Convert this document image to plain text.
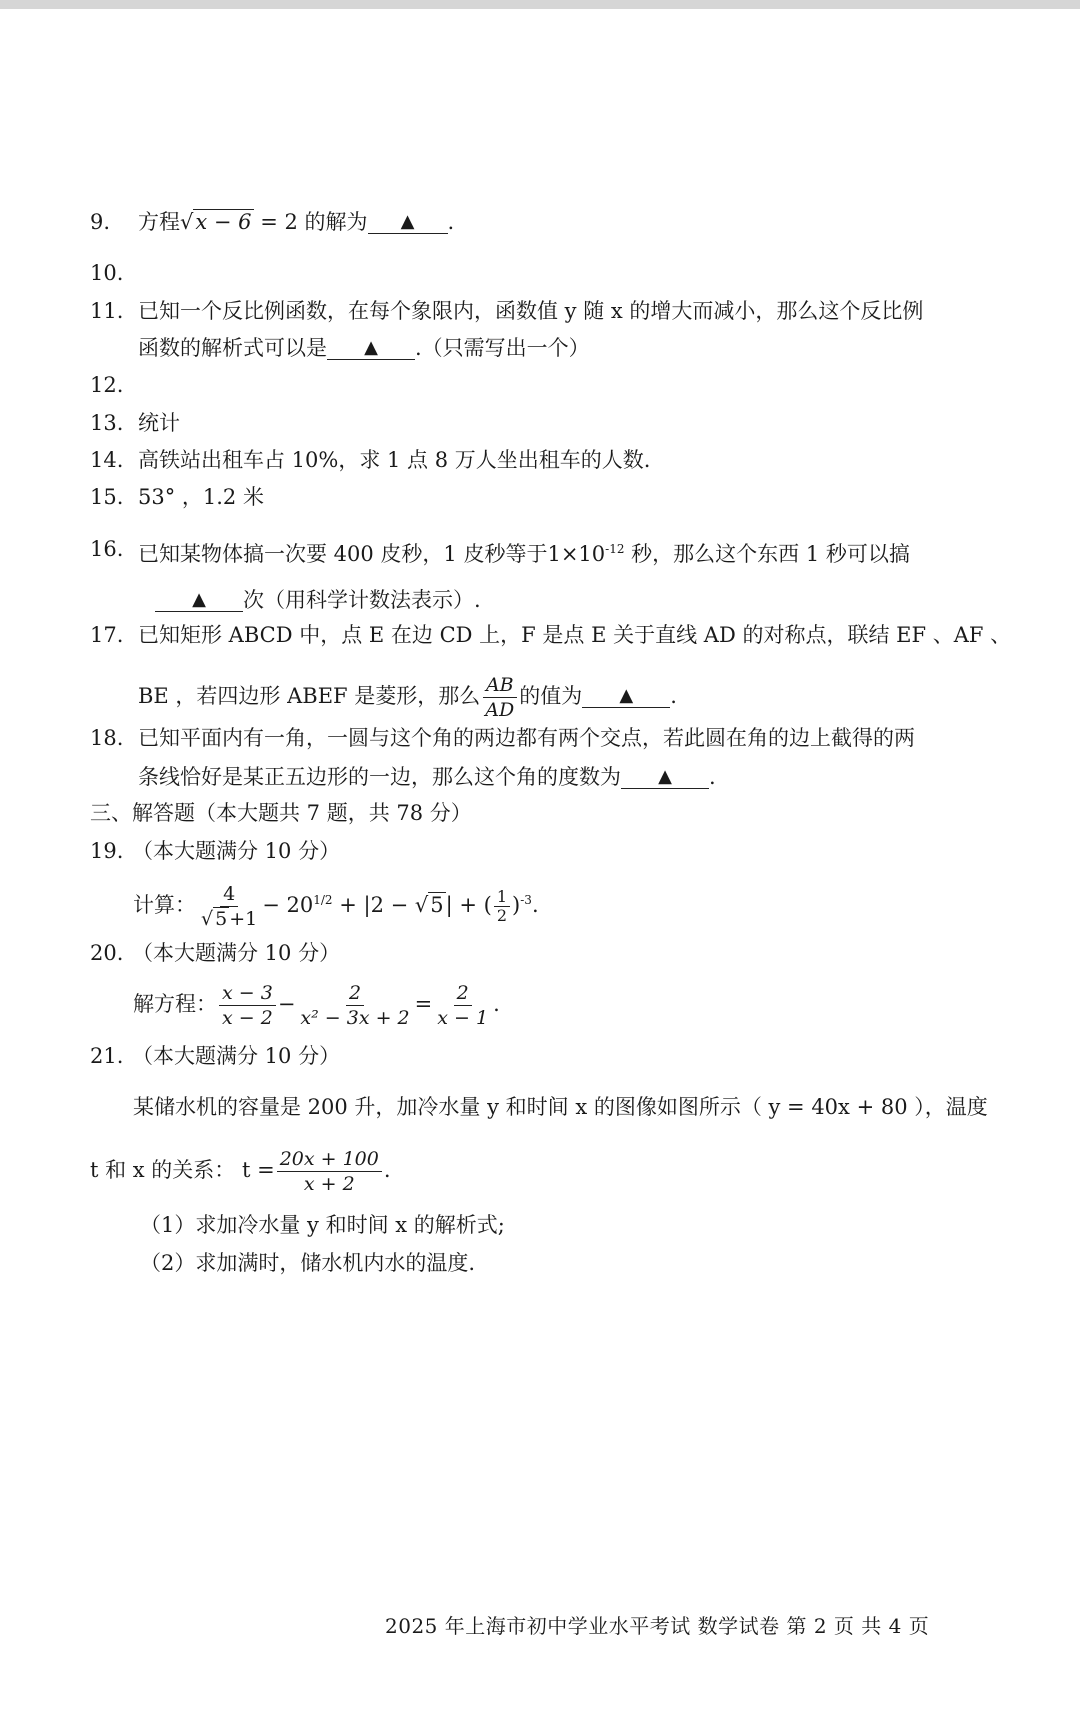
9.	方程√x − 6 = 2 的解为 ▲ .
10.
11. 已知一个反比例函数，在每个象限内，函数值 y 随 x 的增大而减小，那么这个反比例
函数的解析式可以是 ▲ .（只需写出一个）
12.
13. 统计
14. 高铁站出租车占 10%，求 1 点 8 万人坐出租车的人数.
15. 53° ，1.2 米
16. 已知某物体搞一次要 400 皮秒，1 皮秒等于$1\times 10^{-12}$ 秒，那么这个东西 1 秒可以搞
▲ 次（用科学计数法表示）.
17. 已知矩形 ABCD 中，点 E 在边 CD 上，F 是点 E 关于直线 AD 的对称点，联结 EF 、AF 、
BE ，若四边形 ABEF 是菱形，那么 $\frac{AB}{AD}$ 的值为 ▲ .
18. 已知平面内有一角，一圆与这个角的两边都有两个交点，若此圆在角的边上截得的两
条线恰好是某正五边形的一边，那么这个角的度数为 ▲ .
三、解答题（本大题共 7 题，共 78 分）
19. （本大题满分 10 分）
计算： $\frac{4}{√ 5 +1} - 20^{1/2} + |2 - √5|$ + ( $\frac{1}{2} )^{-3}$.
20. （本大题满分 10 分）
解方程： $\frac{x - 3}{x - 2} - \frac{2}{\text{x² − 3x + 2}} = \frac{2}{x - 1}$ .
21. （本大题满分 10 分）
某储水机的容量是 200 升，加冷水量 y 和时间 x 的图像如图所示（ y = 40x + 80 ），温度
t 和 x 的关系： $t = \frac{20x + 100}{x + 2}$ .
（1）求加冷水量 y 和时间 x 的解析式;
（2）求加满时，储水机内水的温度.
2025 年上海市初中学业水平考试 数学试卷 第 2 页 共 4 页
